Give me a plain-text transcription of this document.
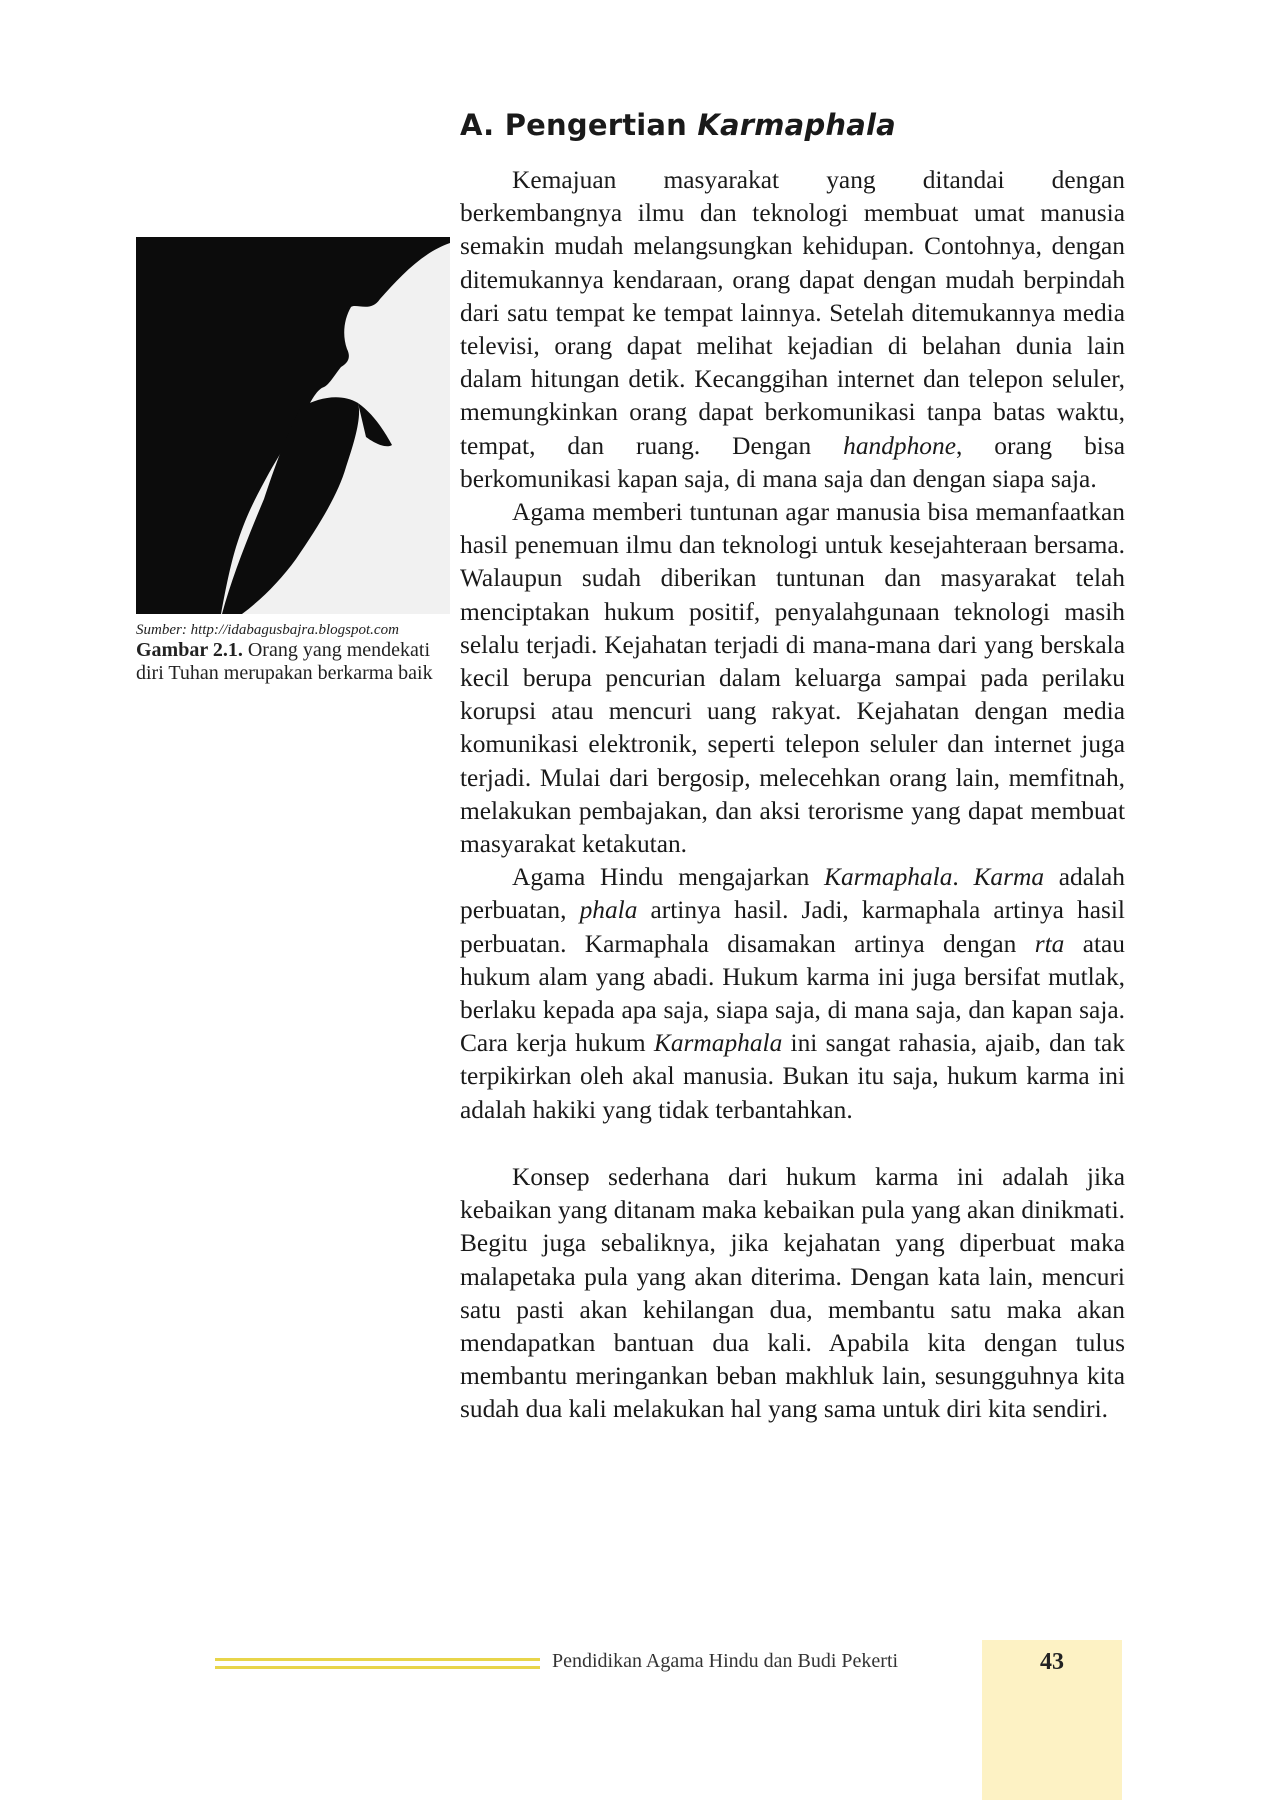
A. Pengertian Karmaphala
Sumber: http://idabagusbajra.blogspot.com
Gambar 2.1. Orang yang mendekati diri Tuhan merupakan berkarma baik

Kemajuan masyarakat yang ditandai dengan berkembangnya ilmu dan teknologi membuat umat manusia semakin mudah melangsungkan kehidupan. Contohnya, dengan ditemukannya kendaraan, orang dapat dengan mudah berpindah dari satu tempat ke tempat lainnya. Setelah ditemukannya media televisi, orang dapat melihat kejadian di belahan dunia lain dalam hitungan detik. Kecanggihan internet dan telepon seluler, memungkinkan orang dapat berkomunikasi tanpa batas waktu, tempat, dan ruang. Dengan handphone, orang bisa berkomunikasi kapan saja, di mana saja dan dengan siapa saja.

Agama memberi tuntunan agar manusia bisa memanfaatkan hasil penemuan ilmu dan teknologi untuk kesejahteraan bersama. Walaupun sudah diberikan tuntunan dan masyarakat telah menciptakan hukum positif, penyalahgunaan teknologi masih selalu terjadi. Kejahatan terjadi di mana-mana dari yang berskala kecil berupa pencurian dalam keluarga sampai pada perilaku korupsi atau mencuri uang rakyat. Kejahatan dengan media komunikasi elektronik, seperti telepon seluler dan internet juga terjadi. Mulai dari bergosip, melecehkan orang lain, memfitnah, melakukan pembajakan, dan aksi terorisme yang dapat membuat masyarakat ketakutan.

Agama Hindu mengajarkan Karmaphala. Karma adalah perbuatan, phala artinya hasil. Jadi, karmaphala artinya hasil perbuatan. Karmaphala disamakan artinya dengan rta atau hukum alam yang abadi. Hukum karma ini juga bersifat mutlak, berlaku kepada apa saja, siapa saja, di mana saja, dan kapan saja. Cara kerja hukum Karmaphala ini sangat rahasia, ajaib, dan tak terpikirkan oleh akal manusia. Bukan itu saja, hukum karma ini adalah hakiki yang tidak terbantahkan.

Konsep sederhana dari hukum karma ini adalah jika kebaikan yang ditanam maka kebaikan pula yang akan dinikmati. Begitu juga sebaliknya, jika kejahatan yang diperbuat maka malapetaka pula yang akan diterima. Dengan kata lain, mencuri satu pasti akan kehilangan dua, membantu satu maka akan mendapatkan bantuan dua kali. Apabila kita dengan tulus membantu meringankan beban makhluk lain, sesungguhnya kita sudah dua kali melakukan hal yang sama untuk diri kita sendiri.

Pendidikan Agama Hindu dan Budi Pekerti	43
